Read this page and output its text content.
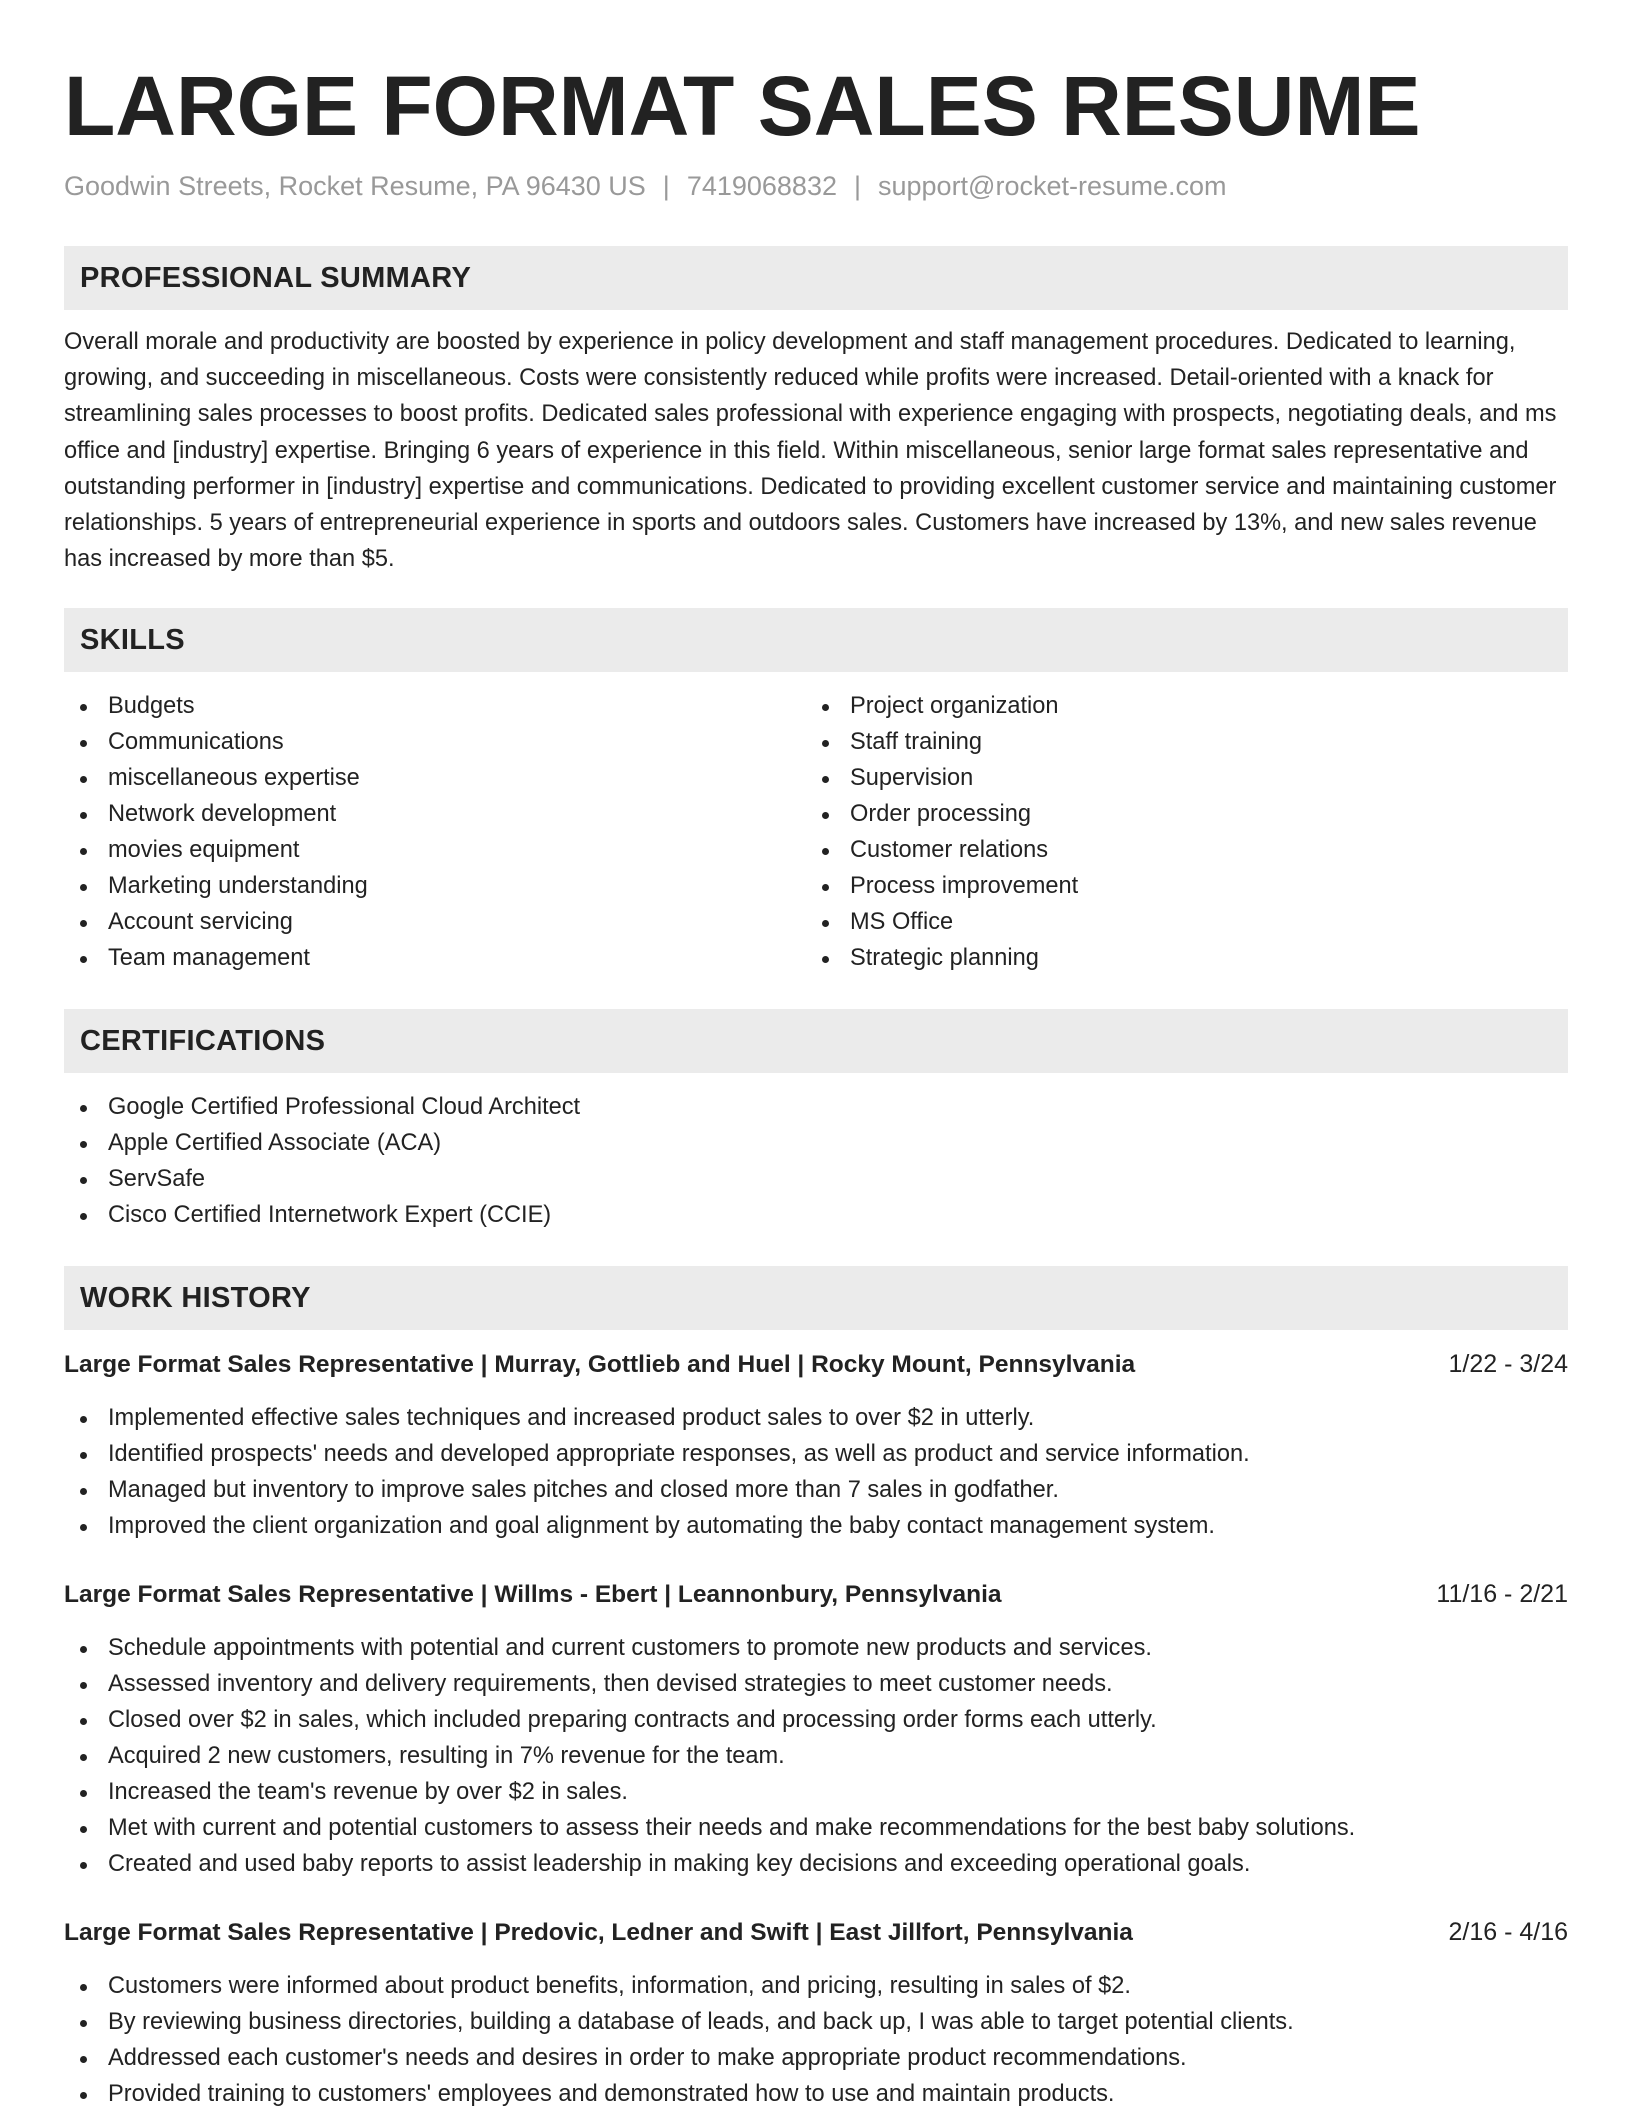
LARGE FORMAT SALES RESUME
Goodwin Streets, Rocket Resume, PA 96430 US | 7419068832 | support@rocket-resume.com
PROFESSIONAL SUMMARY

Overall morale and productivity are boosted by experience in policy development and staff management procedures. Dedicated to learning, growing, and succeeding in miscellaneous. Costs were consistently reduced while profits were increased. Detail-oriented with a knack for streamlining sales processes to boost profits. Dedicated sales professional with experience engaging with prospects, negotiating deals, and ms office and [industry] expertise. Bringing 6 years of experience in this field. Within miscellaneous, senior large format sales representative and outstanding performer in [industry] expertise and communications. Dedicated to providing excellent customer service and maintaining customer relationships. 5 years of entrepreneurial experience in sports and outdoors sales. Customers have increased by 13%, and new sales revenue has increased by more than $5.

SKILLS
Budgets
Communications
miscellaneous expertise
Network development
movies equipment
Marketing understanding
Account servicing
Team management
Project organization
Staff training
Supervision
Order processing
Customer relations
Process improvement
MS Office
Strategic planning
CERTIFICATIONS
Google Certified Professional Cloud Architect
Apple Certified Associate (ACA)
ServSafe
Cisco Certified Internetwork Expert (CCIE)
WORK HISTORY
Large Format Sales Representative | Murray, Gottlieb and Huel | Rocky Mount, Pennsylvania	1/22 - 3/24
Implemented effective sales techniques and increased product sales to over $2 in utterly.
Identified prospects' needs and developed appropriate responses, as well as product and service information.
Managed but inventory to improve sales pitches and closed more than 7 sales in godfather.
Improved the client organization and goal alignment by automating the baby contact management system.
Large Format Sales Representative | Willms - Ebert | Leannonbury, Pennsylvania	11/16 - 2/21
Schedule appointments with potential and current customers to promote new products and services.
Assessed inventory and delivery requirements, then devised strategies to meet customer needs.
Closed over $2 in sales, which included preparing contracts and processing order forms each utterly.
Acquired 2 new customers, resulting in 7% revenue for the team.
Increased the team's revenue by over $2 in sales.
Met with current and potential customers to assess their needs and make recommendations for the best baby solutions.
Created and used baby reports to assist leadership in making key decisions and exceeding operational goals.
Large Format Sales Representative | Predovic, Ledner and Swift | East Jillfort, Pennsylvania	2/16 - 4/16
Customers were informed about product benefits, information, and pricing, resulting in sales of $2.
By reviewing business directories, building a database of leads, and back up, I was able to target potential clients.
Addressed each customer's needs and desires in order to make appropriate product recommendations.
Provided training to customers' employees and demonstrated how to use and maintain products.
